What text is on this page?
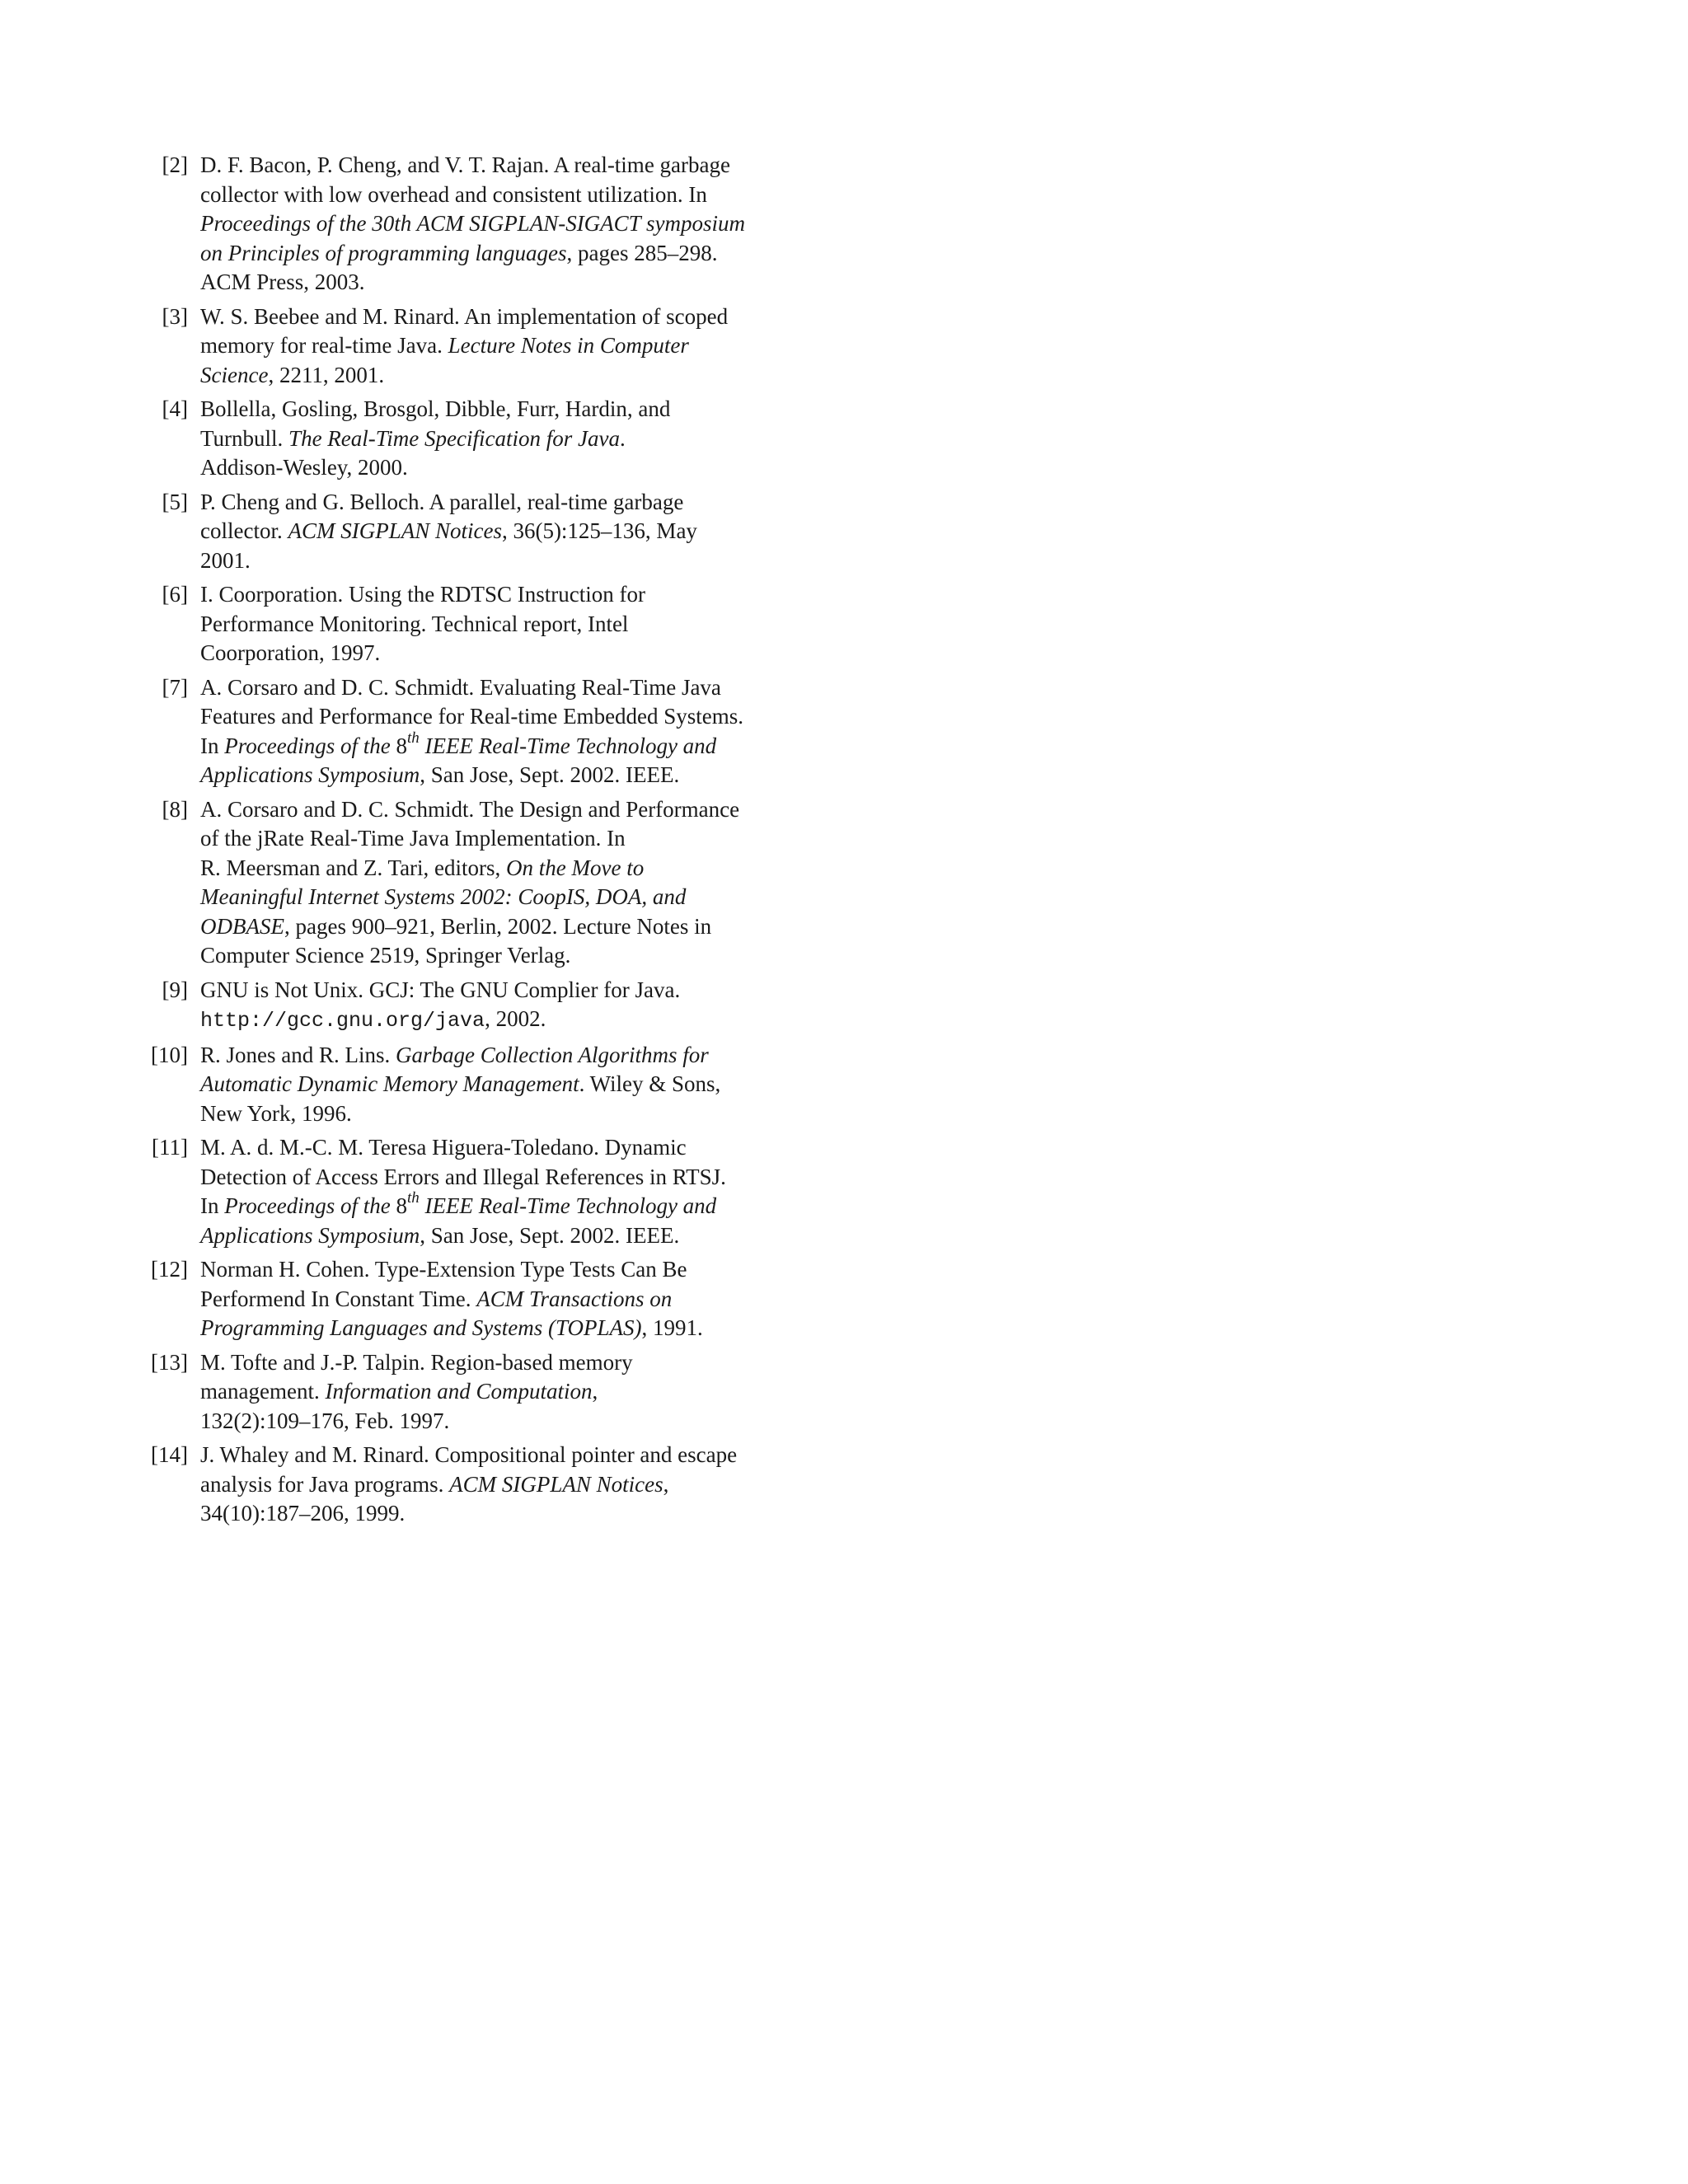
[2] D. F. Bacon, P. Cheng, and V. T. Rajan. A real-time garbage
collector with low overhead and consistent utilization. In
Proceedings of the 30th ACM SIGPLAN-SIGACT symposium
on Principles of programming languages, pages 285–298.
ACM Press, 2003.
[3] W. S. Beebee and M. Rinard. An implementation of scoped
memory for real-time Java. Lecture Notes in Computer
Science, 2211, 2001.
[4] Bollella, Gosling, Brosgol, Dibble, Furr, Hardin, and
Turnbull. The Real-Time Specification for Java.
Addison-Wesley, 2000.
[5] P. Cheng and G. Belloch. A parallel, real-time garbage
collector. ACM SIGPLAN Notices, 36(5):125–136, May
2001.
[6] I. Coorporation. Using the RDTSC Instruction for
Performance Monitoring. Technical report, Intel
Coorporation, 1997.
[7] A. Corsaro and D. C. Schmidt. Evaluating Real-Time Java
Features and Performance for Real-time Embedded Systems.
In Proceedings of the 8th IEEE Real-Time Technology and
Applications Symposium, San Jose, Sept. 2002. IEEE.
[8] A. Corsaro and D. C. Schmidt. The Design and Performance
of the jRate Real-Time Java Implementation. In
R. Meersman and Z. Tari, editors, On the Move to
Meaningful Internet Systems 2002: CoopIS, DOA, and
ODBASE, pages 900–921, Berlin, 2002. Lecture Notes in
Computer Science 2519, Springer Verlag.
[9] GNU is Not Unix. GCJ: The GNU Complier for Java.
http://gcc.gnu.org/java, 2002.
[10] R. Jones and R. Lins. Garbage Collection Algorithms for
Automatic Dynamic Memory Management. Wiley & Sons,
New York, 1996.
[11] M. A. d. M.-C. M. Teresa Higuera-Toledano. Dynamic
Detection of Access Errors and Illegal References in RTSJ.
In Proceedings of the 8th IEEE Real-Time Technology and
Applications Symposium, San Jose, Sept. 2002. IEEE.
[12] Norman H. Cohen. Type-Extension Type Tests Can Be
Performend In Constant Time. ACM Transactions on
Programming Languages and Systems (TOPLAS), 1991.
[13] M. Tofte and J.-P. Talpin. Region-based memory
management. Information and Computation,
132(2):109–176, Feb. 1997.
[14] J. Whaley and M. Rinard. Compositional pointer and escape
analysis for Java programs. ACM SIGPLAN Notices,
34(10):187–206, 1999.
